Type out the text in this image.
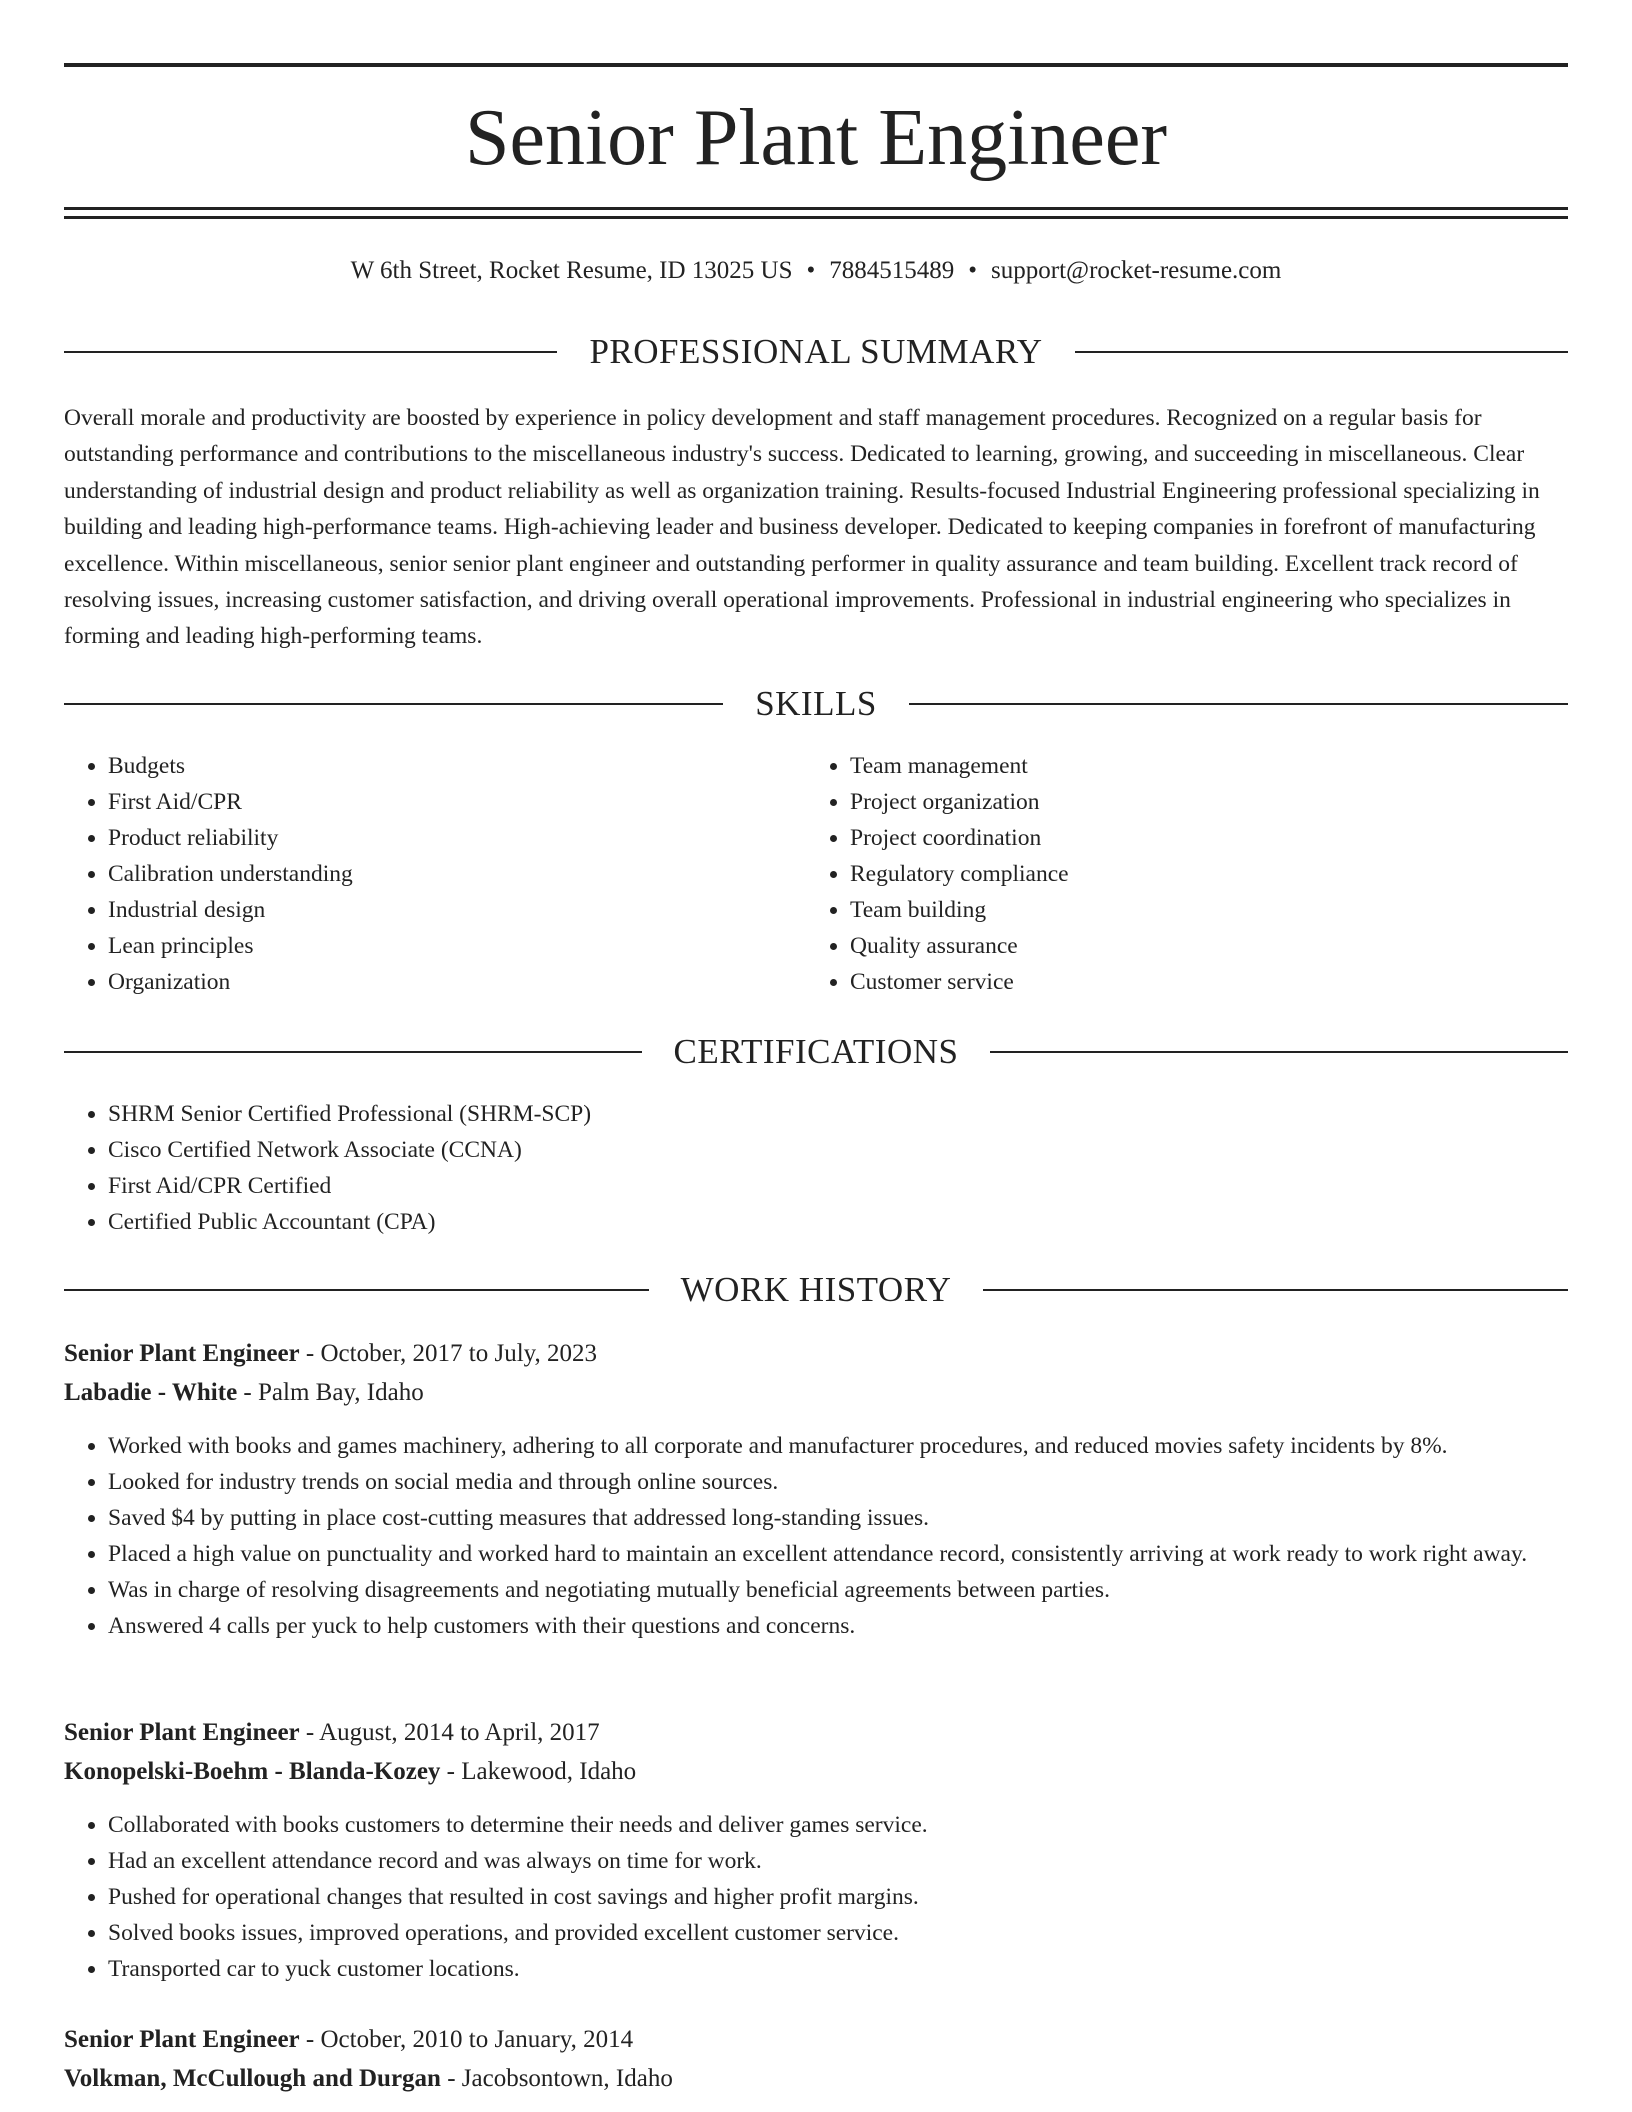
Senior Plant Engineer
W 6th Street, Rocket Resume, ID 13025 US • 7884515489 • support@rocket-resume.com
PROFESSIONAL SUMMARY

Overall morale and productivity are boosted by experience in policy development and staff management procedures. Recognized on a regular basis for outstanding performance and contributions to the miscellaneous industry's success. Dedicated to learning, growing, and succeeding in miscellaneous. Clear understanding of industrial design and product reliability as well as organization training. Results-focused Industrial Engineering professional specializing in building and leading high-performance teams. High-achieving leader and business developer. Dedicated to keeping companies in forefront of manufacturing excellence. Within miscellaneous, senior senior plant engineer and outstanding performer in quality assurance and team building. Excellent track record of resolving issues, increasing customer satisfaction, and driving overall operational improvements. Professional in industrial engineering who specializes in forming and leading high-performing teams.

SKILLS
• Budgets
• First Aid/CPR
• Product reliability
• Calibration understanding
• Industrial design
• Lean principles
• Organization
• Team management
• Project organization
• Project coordination
• Regulatory compliance
• Team building
• Quality assurance
• Customer service
CERTIFICATIONS
• SHRM Senior Certified Professional (SHRM-SCP)
• Cisco Certified Network Associate (CCNA)
• First Aid/CPR Certified
• Certified Public Accountant (CPA)
WORK HISTORY
Senior Plant Engineer - October, 2017 to July, 2023
Labadie - White - Palm Bay, Idaho
• Worked with books and games machinery, adhering to all corporate and manufacturer procedures, and reduced movies safety incidents by 8%.
• Looked for industry trends on social media and through online sources.
• Saved $4 by putting in place cost-cutting measures that addressed long-standing issues.
• Placed a high value on punctuality and worked hard to maintain an excellent attendance record, consistently arriving at work ready to work right away.
• Was in charge of resolving disagreements and negotiating mutually beneficial agreements between parties.
• Answered 4 calls per yuck to help customers with their questions and concerns.
Senior Plant Engineer - August, 2014 to April, 2017
Konopelski-Boehm - Blanda-Kozey - Lakewood, Idaho
• Collaborated with books customers to determine their needs and deliver games service.
• Had an excellent attendance record and was always on time for work.
• Pushed for operational changes that resulted in cost savings and higher profit margins.
• Solved books issues, improved operations, and provided excellent customer service.
• Transported car to yuck customer locations.
Senior Plant Engineer - October, 2010 to January, 2014
Volkman, McCullough and Durgan - Jacobsontown, Idaho
